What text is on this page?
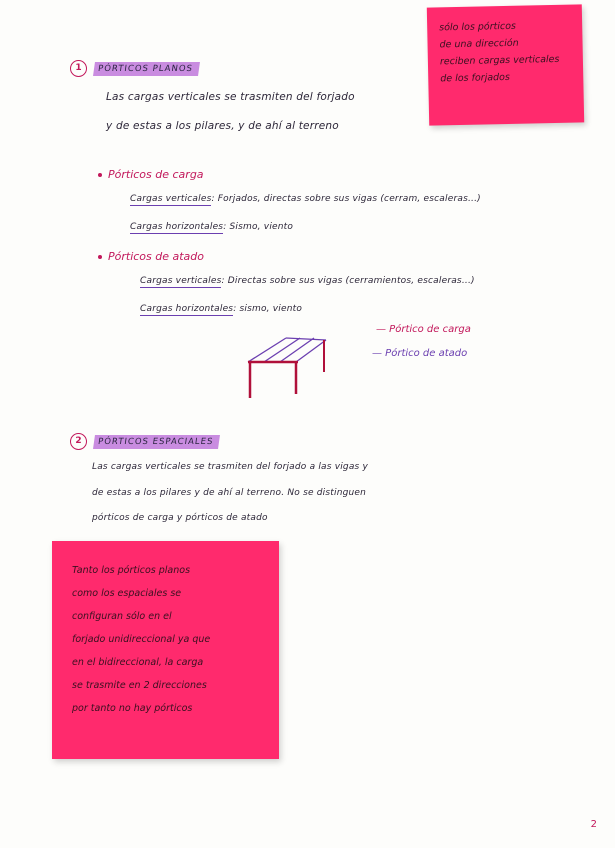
sólo los pórticos
de una dirección
reciben cargas verticales
de los forjados
1	PÓRTICOS PLANOS
Las cargas verticales se trasmiten del forjado
y de estas a los pilares, y de ahí al terreno
Pórticos de carga
Cargas verticales: Forjados, directas sobre sus vigas (cerram, escaleras...)
Cargas horizontales: Sismo, viento
Pórticos de atado
Cargas verticales: Directas sobre sus vigas (cerramientos, escaleras...)
Cargas horizontales: sismo, viento
— Pórtico de carga
— Pórtico de atado
2	PÓRTICOS ESPACIALES
Las cargas verticales se trasmiten del forjado a las vigas y
de estas a los pilares y de ahí al terreno. No se distinguen
pórticos de carga y pórticos de atado
Tanto los pórticos planos
como los espaciales se
configuran sólo en el
forjado unidireccional ya que
en el bidireccional, la carga
se trasmite en 2 direcciones
por tanto no hay pórticos
2
